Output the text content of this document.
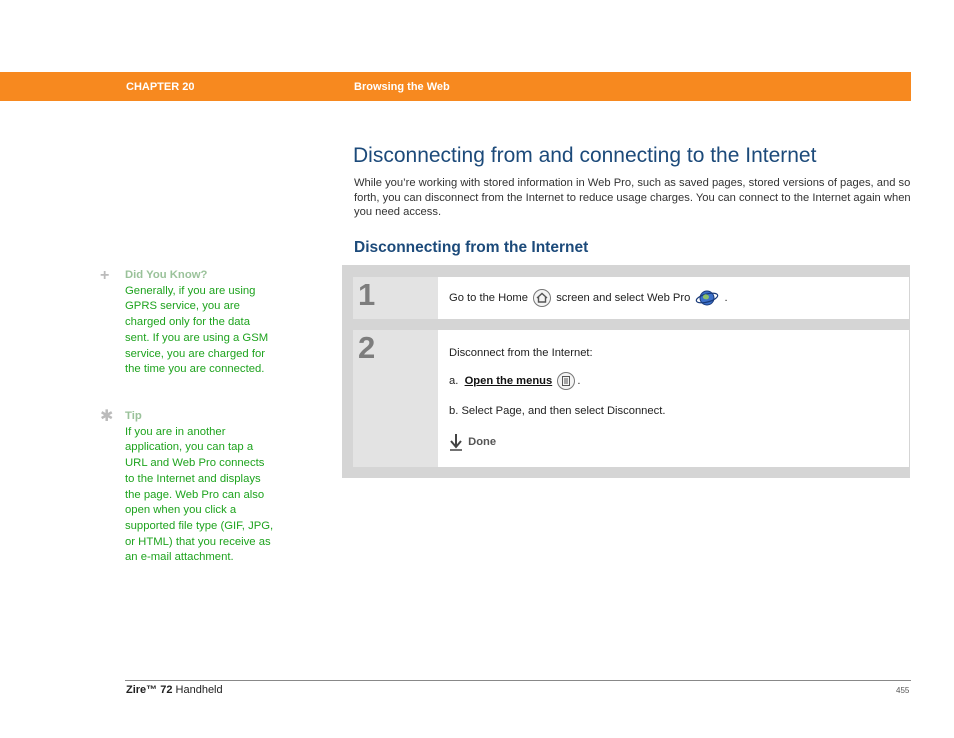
CHAPTER 20	Browsing the Web
Disconnecting from and connecting to the Internet
While you’re working with stored information in Web Pro, such as saved pages, stored versions of pages, and so forth, you can disconnect from the Internet to reduce usage charges. You can connect to the Internet again when you need access.
Disconnecting from the Internet
+ Did You Know?
Generally, if you are using GPRS service, you are charged only for the data sent. If you are using a GSM service, you are charged for the time you are connected.
✱ Tip
If you are in another application, you can tap a URL and Web Pro connects to the Internet and displays the page. Web Pro can also open when you click a supported file type (GIF, JPG, or HTML) that you receive as an e-mail attachment.
1	Go to the Home	screen and select Web Pro	.
2	Disconnect from the Internet:
a. Open the menus .
b. Select Page, and then select Disconnect.
Done
Zire™ 72 Handheld	455
